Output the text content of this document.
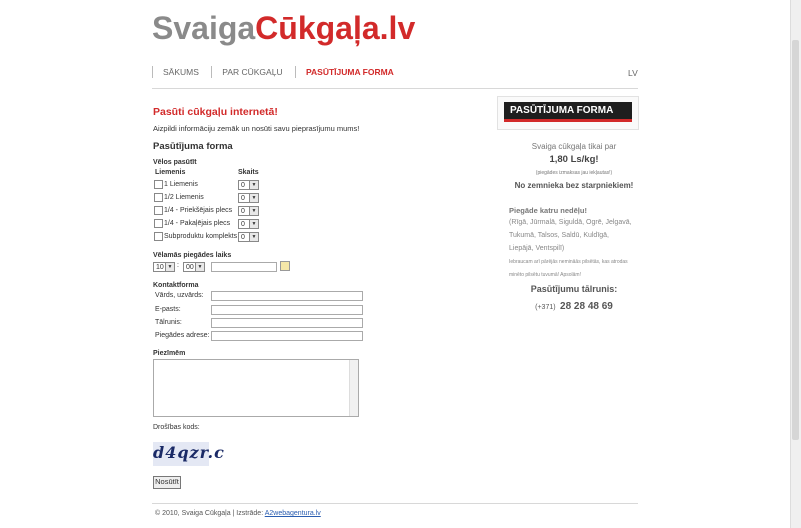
SvaigaCūkgaļa.lv
SĀKUMS	PAR CŪKGAĻU	PASŪTĪJUMA FORMA	LV
Pasūti cūkgaļu internetā!
Aizpildi informāciju zemāk un nosūti savu pieprasījumu mums!
Pasūtījuma forma
Vēlos pasūtīt
Liemenis	Skaits
1 Liemenis	0	▼
1/2 Liemenis	0	▼
1/4 - Priekšējais plecs	0	▼
1/4 - Pakaļējais plecs	0	▼
Subproduktu komplekts 0	▼
Vēlamās piegādes laiks
10 ▼ :	00 ▼
Kontaktforma
Vārds, uzvārds:
E-pasts:
Tālrunis:
Piegādes adrese:
Piezīmēm
Drošības kods:
d4qzr.c
Nosūtīt
PASŪTĪJUMA FORMA
Svaiga cūkgaļa tikai par
1,80 Ls/kg!
(piegādes izmaksas jau iekļautas!)
No zemnieka bez starpniekiem!
Piegāde katru nedēļu!
(Rīgā, Jūrmalā, Siguldā, Ogrē, Jelgavā,
Tukumā, Talsos, Saldū, Kuldīgā,
Liepājā, Ventspilī)
Iebraucam arī pārējās nemināās pilsētās, kas atrodas
minēto pilsētu tuvumā! Apsolām!
Pasūtījumu tālrunis:
(+371) 28 28 48 69
© 2010, Svaiga Cūkgaļa | Izstrāde: A2webagentura.lv
